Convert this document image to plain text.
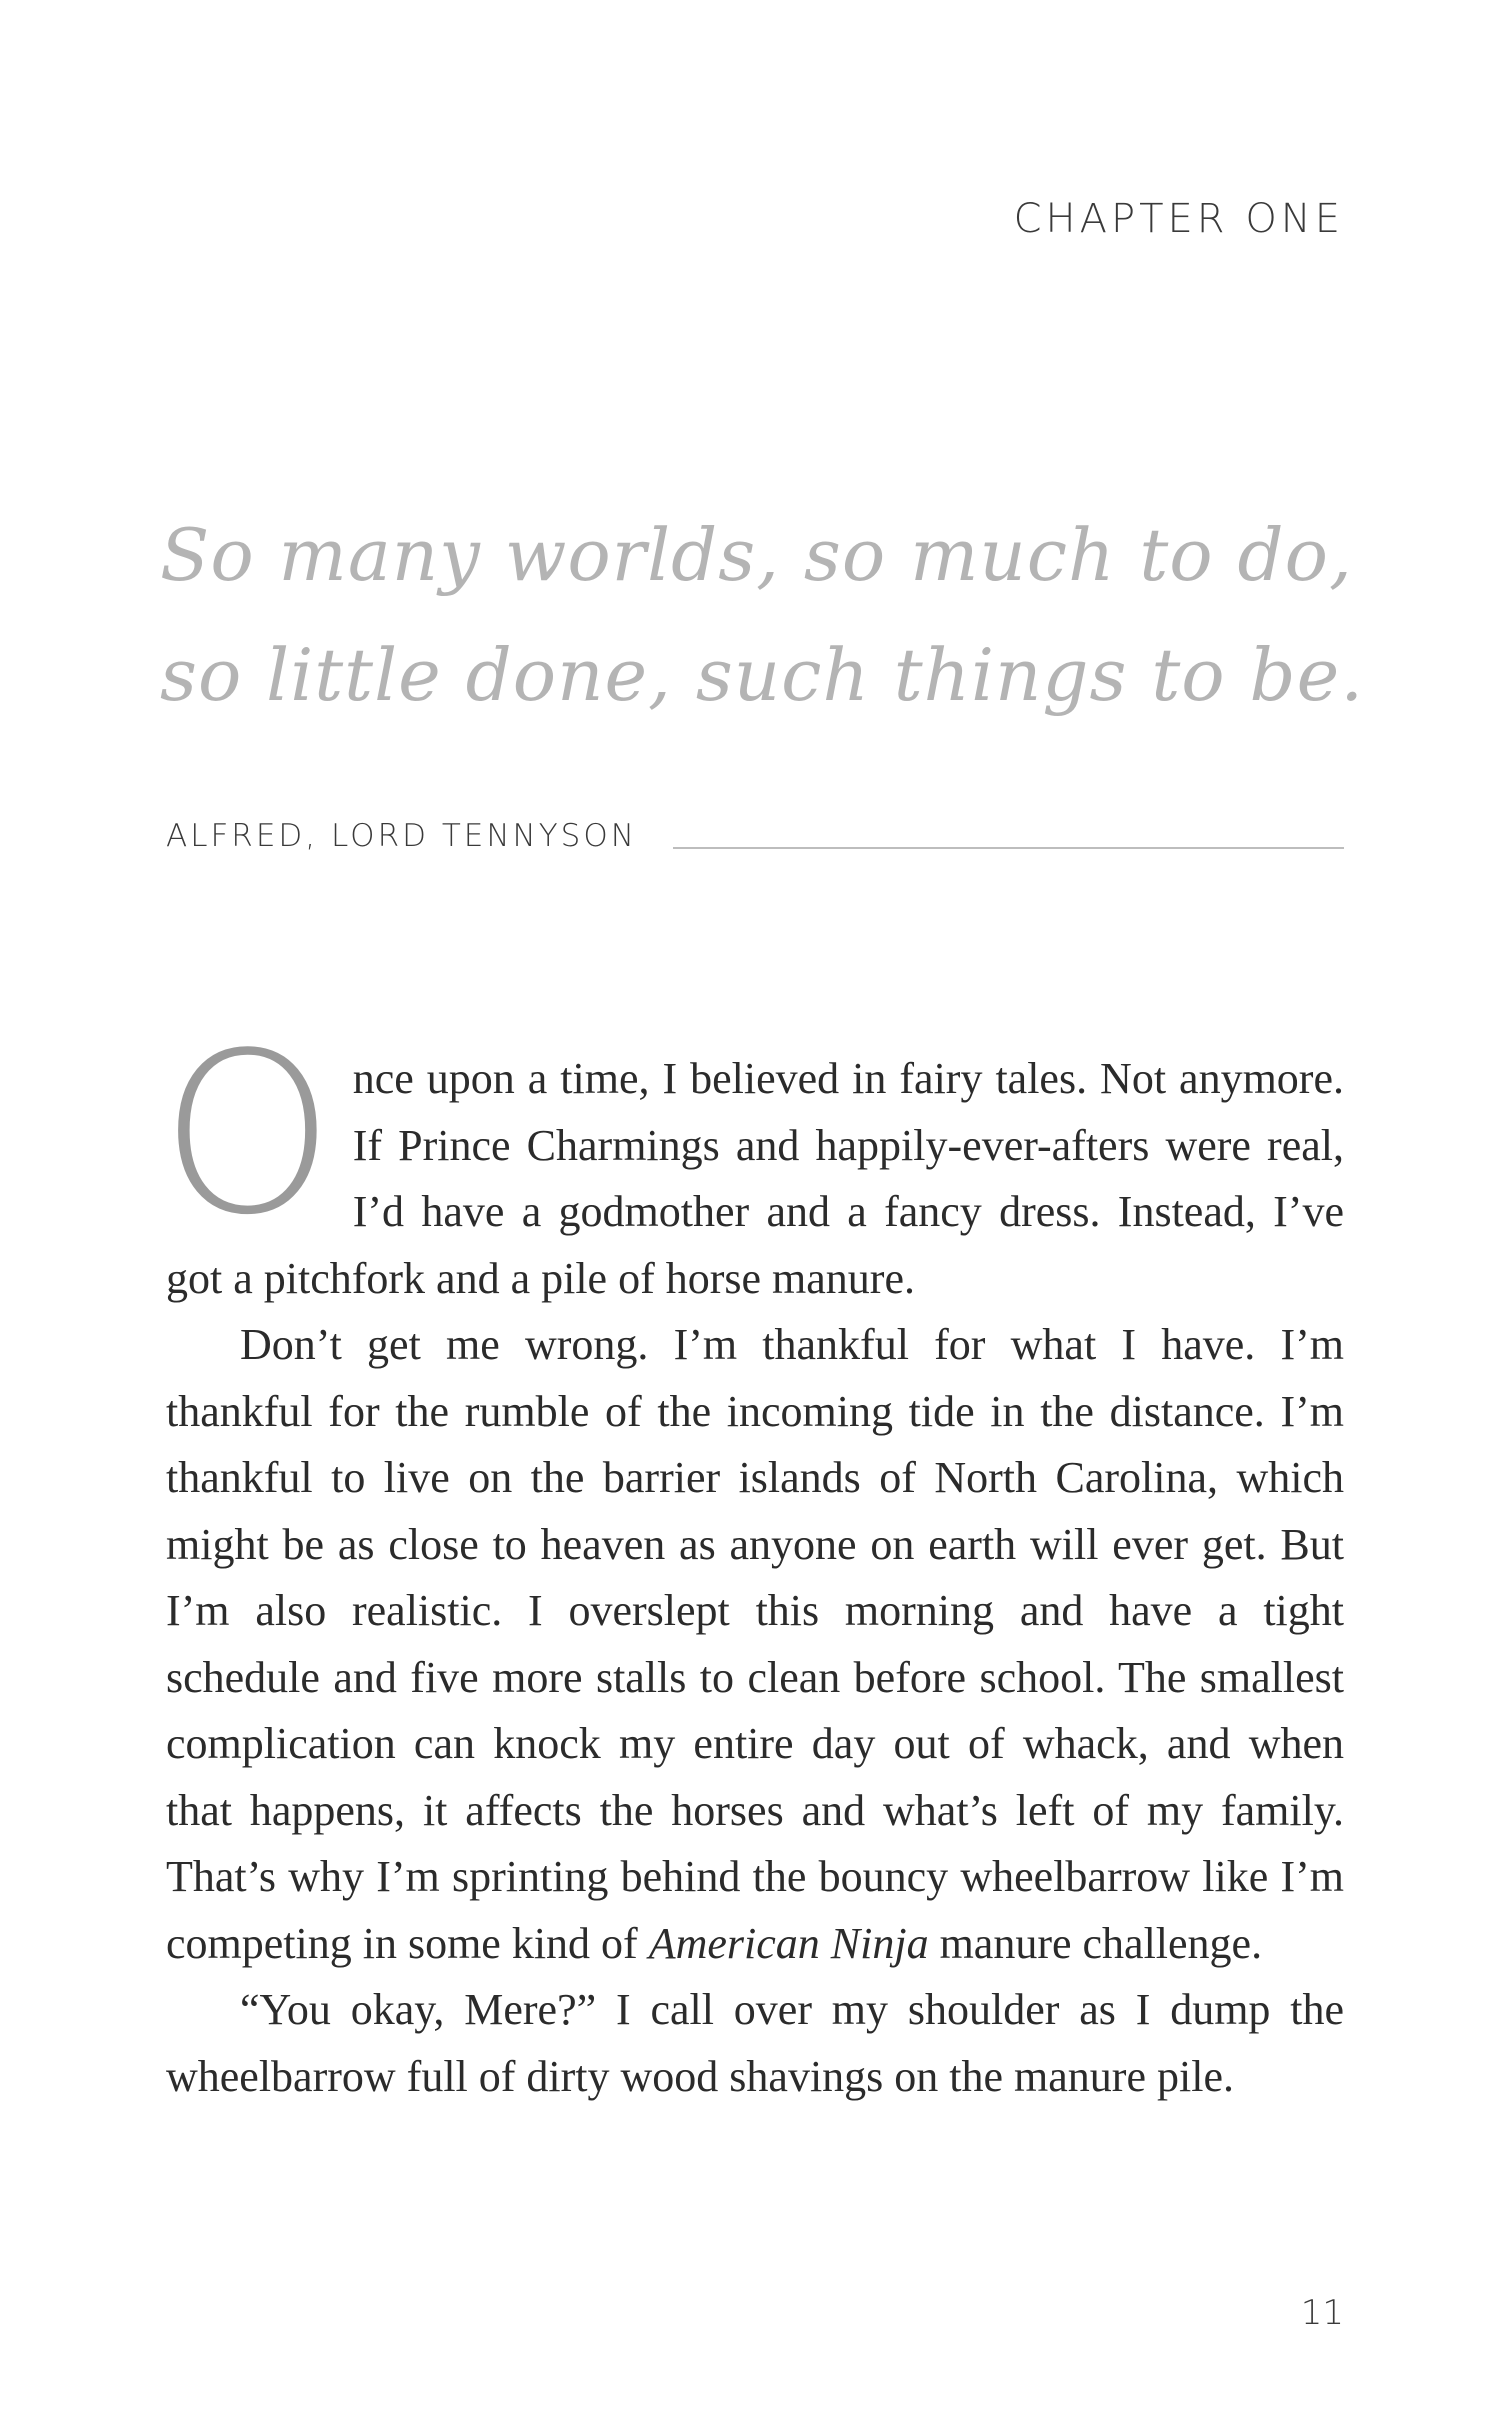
CHAPTER ONE
So many worlds, so much to do,
so little done, such things to be.
ALFRED, LORD TENNYSON

Once upon a time, I believed in fairy tales. Not anymore. If Prince Charmings and happily-ever-afters were real, I’d have a godmother and a fancy dress. Instead, I’ve got a pitchfork and a pile of horse manure.

Don’t get me wrong. I’m thankful for what I have. I’m thankful for the rumble of the incoming tide in the distance. I’m thankful to live on the barrier islands of North Carolina, which might be as close to heaven as anyone on earth will ever get. But I’m also realistic. I overslept this morning and have a tight schedule and five more stalls to clean before school. The smallest complication can knock my entire day out of whack, and when that happens, it affects the horses and what’s left of my family. That’s why I’m sprinting behind the bouncy wheelbarrow like I’m competing in some kind of American Ninja manure challenge.

“You okay, Mere?” I call over my shoulder as I dump the wheelbarrow full of dirty wood shavings on the manure pile.

11
